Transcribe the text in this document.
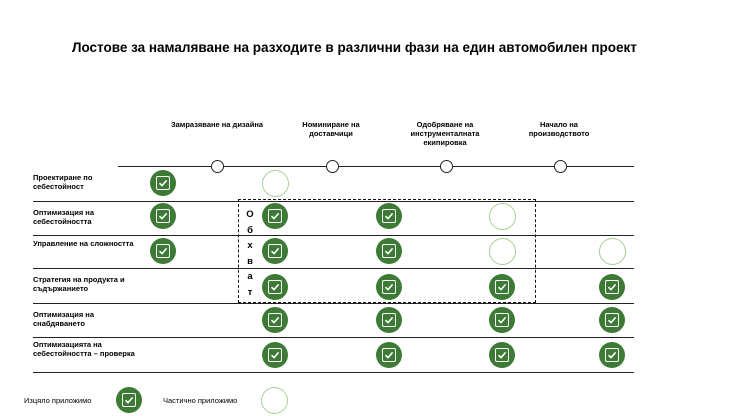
Лостове за намаляване на разходите в различни фази на един автомобилен проект
Замразяване на дизайна	Номиниране на доставчици
Одобряване на инструменталната екипировка
Начало на производството
Проектиране по себестойност
Оптимизация на себестойността
Управление на сложността
Стратегия на продукта и съдържанието
Оптимизация на снабдяването
Оптимизацията на себестойността – проверка
О
б
х
в
а
т
Изцяло приложимо	Частично приложимо
